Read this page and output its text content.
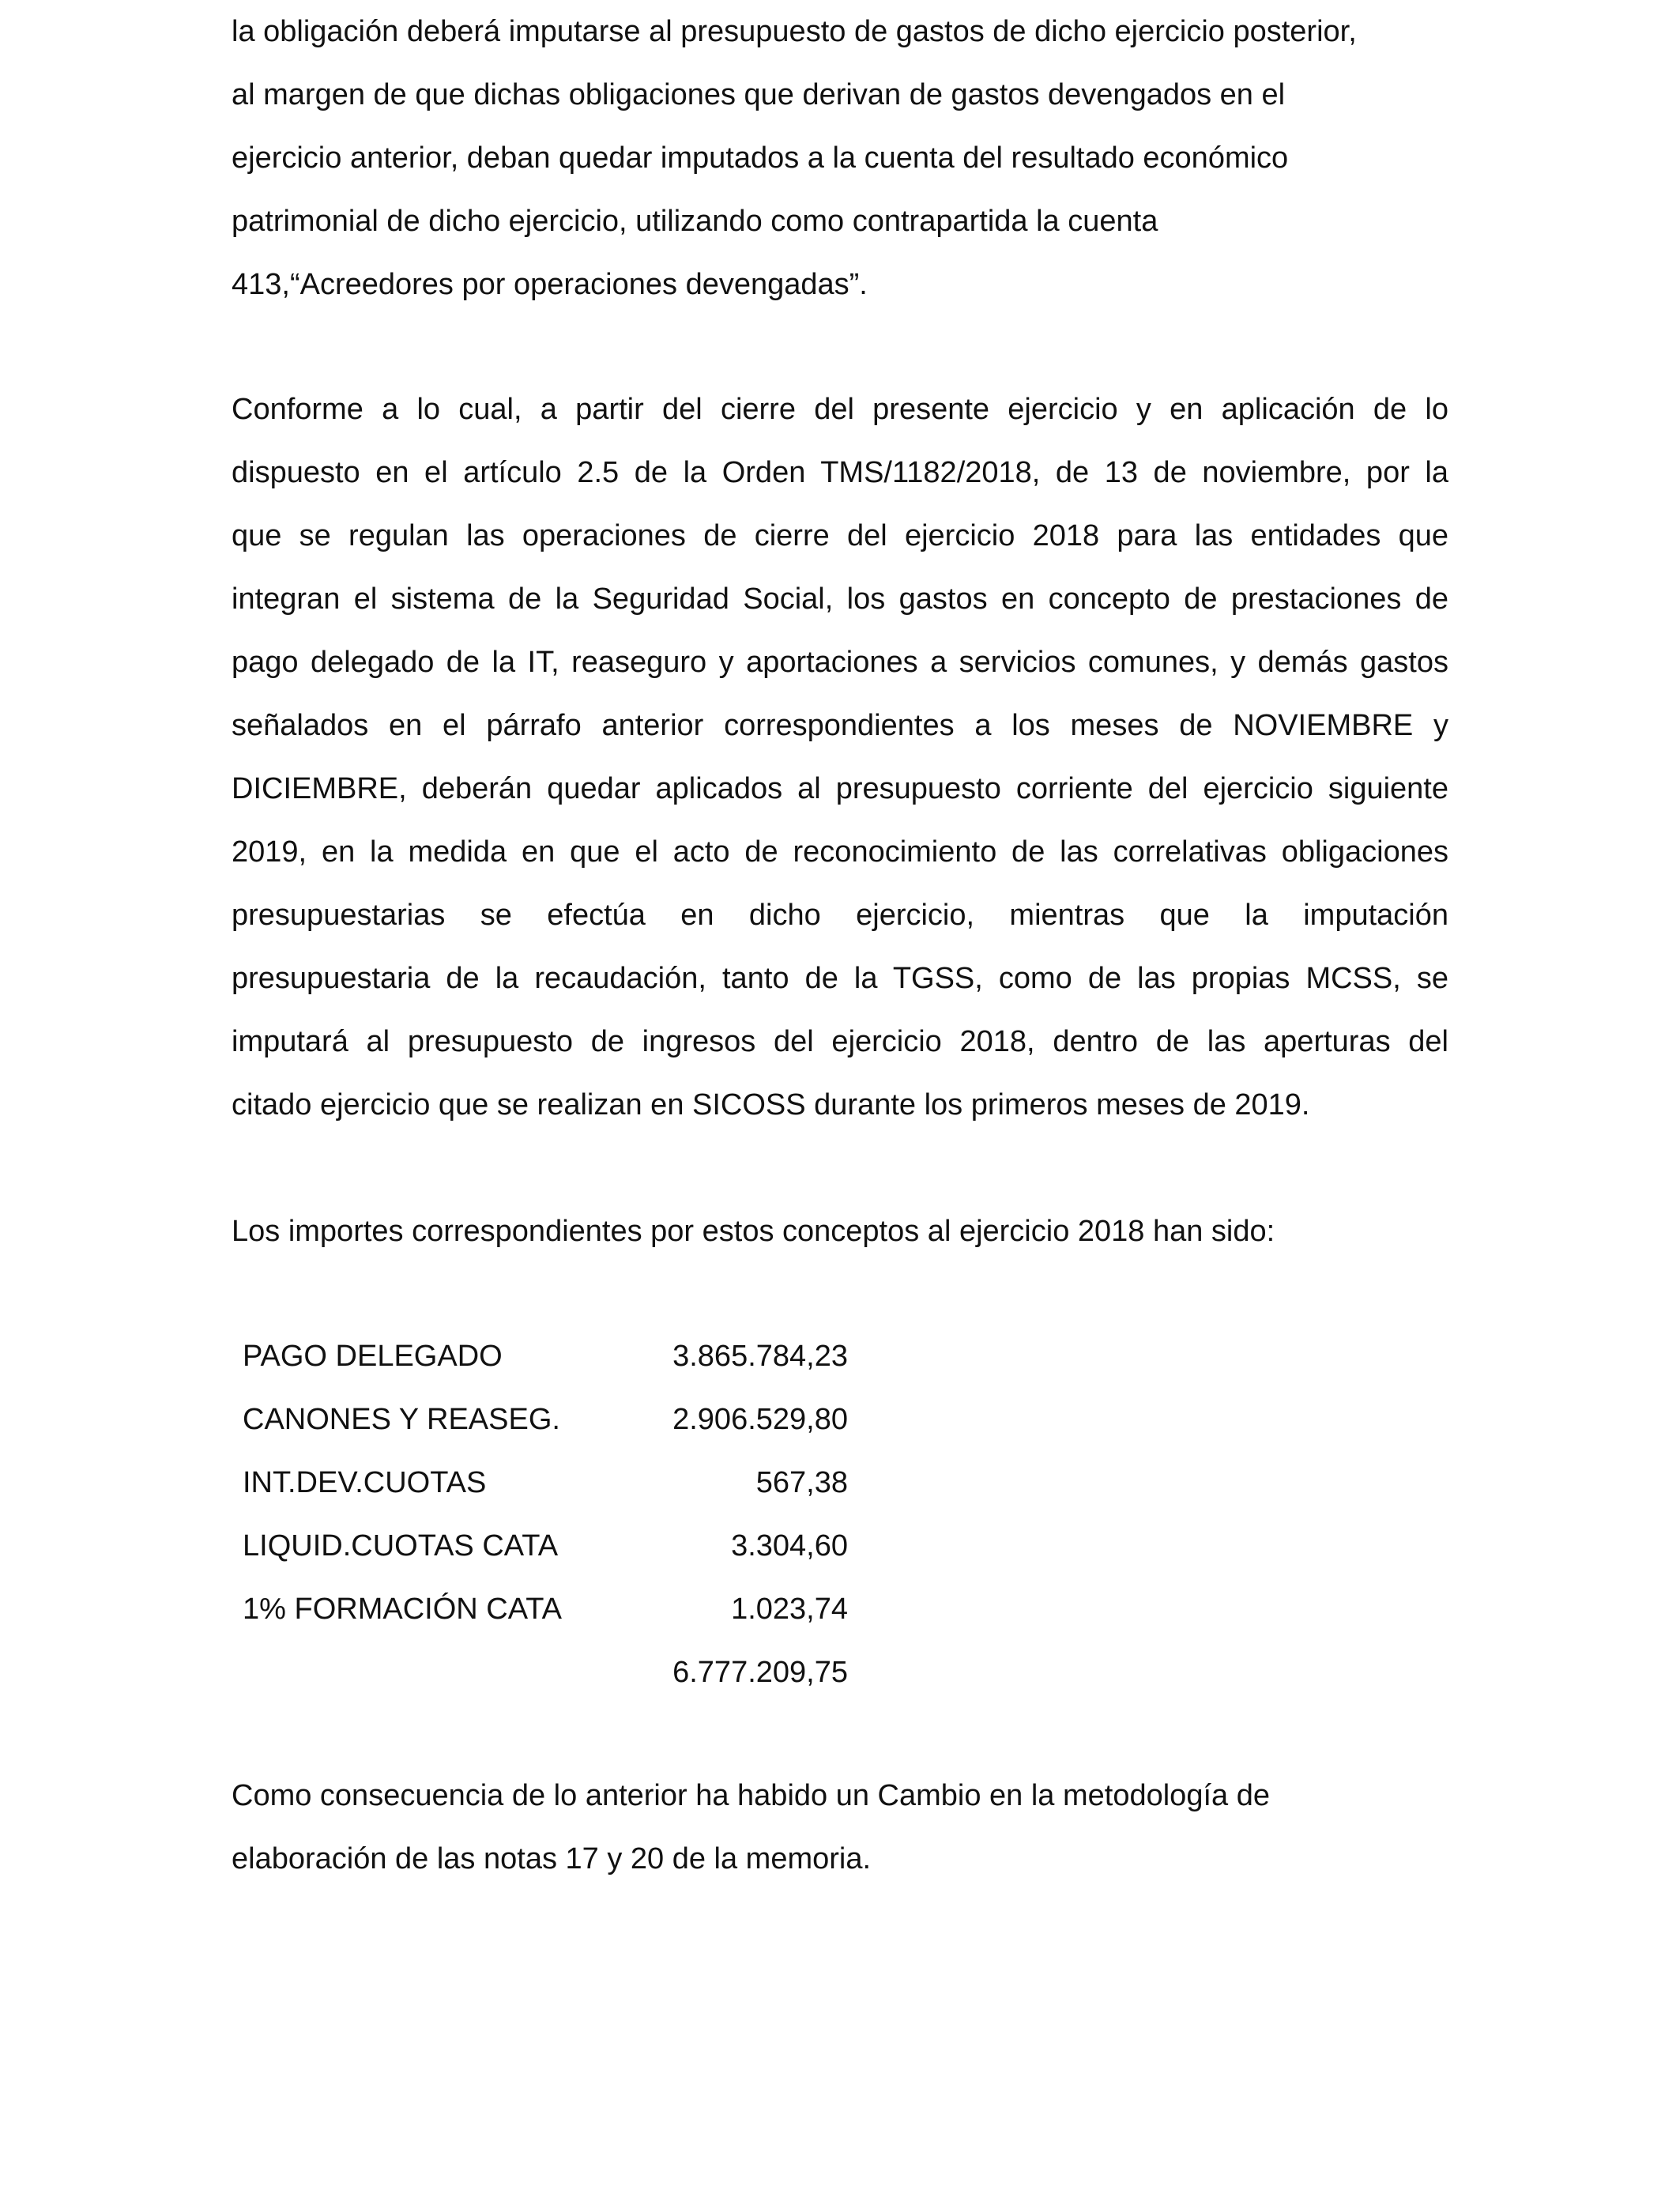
la obligación deberá imputarse al presupuesto de gastos de dicho ejercicio posterior,
al margen de que dichas obligaciones que derivan de gastos devengados en el
ejercicio anterior, deban quedar imputados a la cuenta del resultado económico
patrimonial de dicho ejercicio, utilizando como contrapartida la cuenta
413,“Acreedores por operaciones devengadas”.
Conforme a lo cual, a partir del cierre del presente ejercicio y en aplicación de lo
dispuesto en el artículo 2.5 de la Orden TMS/1182/2018, de 13 de noviembre, por la
que se regulan las operaciones de cierre del ejercicio 2018 para las entidades que
integran el sistema de la Seguridad Social, los gastos en concepto de prestaciones de
pago delegado de la IT, reaseguro y aportaciones a servicios comunes, y demás gastos
señalados en el párrafo anterior correspondientes a los meses de NOVIEMBRE y
DICIEMBRE, deberán quedar aplicados al presupuesto corriente del ejercicio siguiente
2019, en la medida en que el acto de reconocimiento de las correlativas obligaciones
presupuestarias se efectúa en dicho ejercicio, mientras que la imputación
presupuestaria de la recaudación, tanto de la TGSS, como de las propias MCSS, se
imputará al presupuesto de ingresos del ejercicio 2018, dentro de las aperturas del
citado ejercicio que se realizan en SICOSS durante los primeros meses de 2019.
Los importes correspondientes por estos conceptos al ejercicio 2018 han sido:
PAGO DELEGADO	3.865.784,23
CANONES Y REASEG.	2.906.529,80
INT.DEV.CUOTAS	567,38
LIQUID.CUOTAS CATA	3.304,60
1% FORMACIÓN CATA	1.023,74
6.777.209,75
Como consecuencia de lo anterior ha habido un Cambio en la metodología de
elaboración de las notas 17 y 20 de la memoria.
